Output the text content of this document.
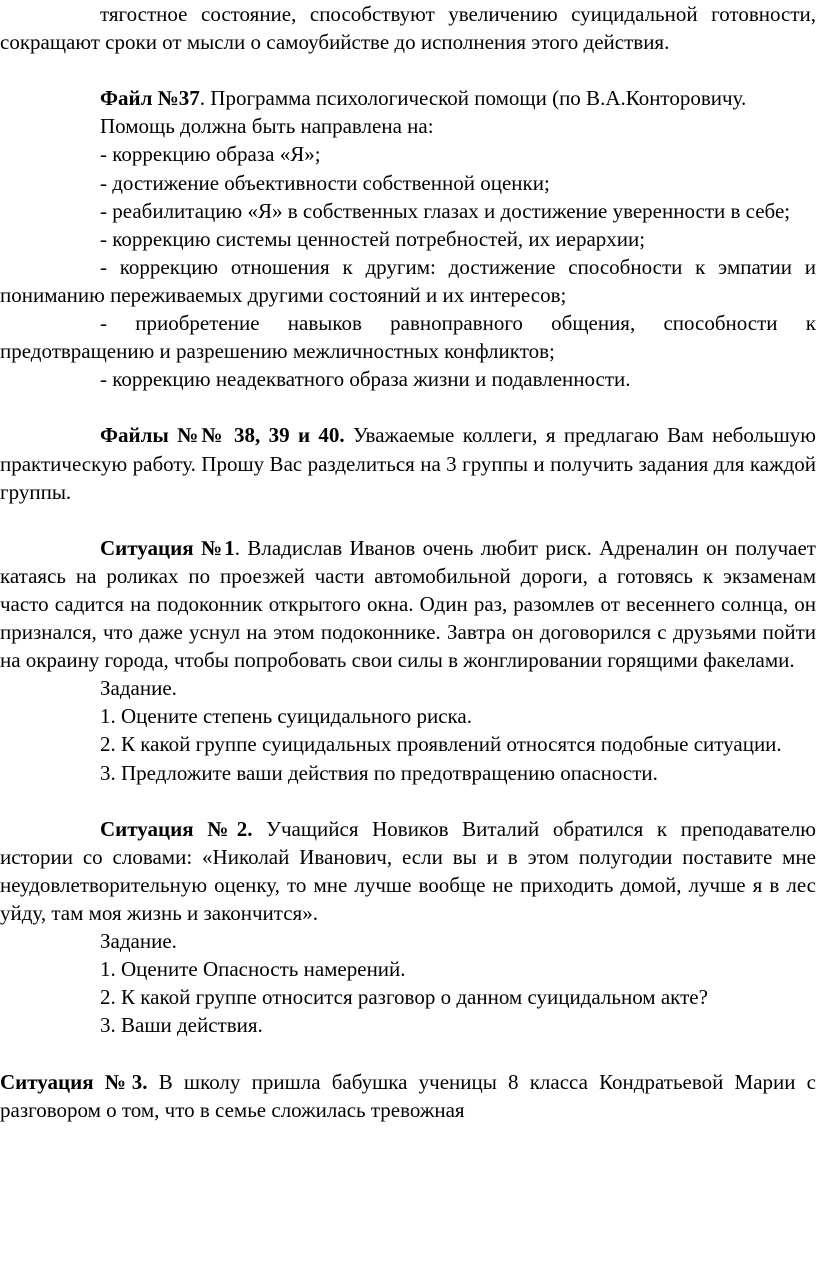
тягостное состояние, способствуют увеличению суицидальной готовности, сокращают сроки от мысли о самоубийстве до исполнения этого действия.

Файл №37. Программа психологической помощи (по В.А.Конторовичу.

Помощь должна быть направлена на:

- коррекцию образа «Я»;

- достижение объективности собственной оценки;

- реабилитацию «Я» в собственных глазах и достижение уверенности в себе;

- коррекцию системы ценностей потребностей, их иерархии;

- коррекцию отношения к другим: достижение способности к эмпатии и пониманию переживаемых другими состояний и их интересов;

- приобретение навыков равноправного общения, способности к предотвращению и разрешению межличностных конфликтов;

- коррекцию неадекватного образа жизни и подавленности.

Файлы №№ 38, 39 и 40. Уважаемые коллеги, я предлагаю Вам небольшую практическую работу. Прошу Вас разделиться на 3 группы и получить задания для каждой группы.

Ситуация №1. Владислав Иванов очень любит риск. Адреналин он получает катаясь на роликах по проезжей части автомобильной дороги, а готовясь к экзаменам часто садится на подоконник открытого окна. Один раз, разомлев от весеннего солнца, он признался, что даже уснул на этом подоконнике. Завтра он договорился с друзьями пойти на окраину города, чтобы попробовать свои силы в жонглировании горящими факелами.

Задание.

1. Оцените степень суицидального риска.

2. К какой группе суицидальных проявлений относятся подобные ситуации.

3. Предложите ваши действия по предотвращению опасности.

Ситуация №2. Учащийся Новиков Виталий обратился к преподавателю истории со словами: «Николай Иванович, если вы и в этом полугодии поставите мне неудовлетворительную оценку, то мне лучше вообще не приходить домой, лучше я в лес уйду, там моя жизнь и закончится».

Задание.

1. Оцените Опасность намерений.

2. К какой группе относится разговор о данном суицидальном акте?

3. Ваши действия.

Ситуация №3. В школу пришла бабушка ученицы 8 класса Кондратьевой Марии с разговором о том, что в семье сложилась тревожная
